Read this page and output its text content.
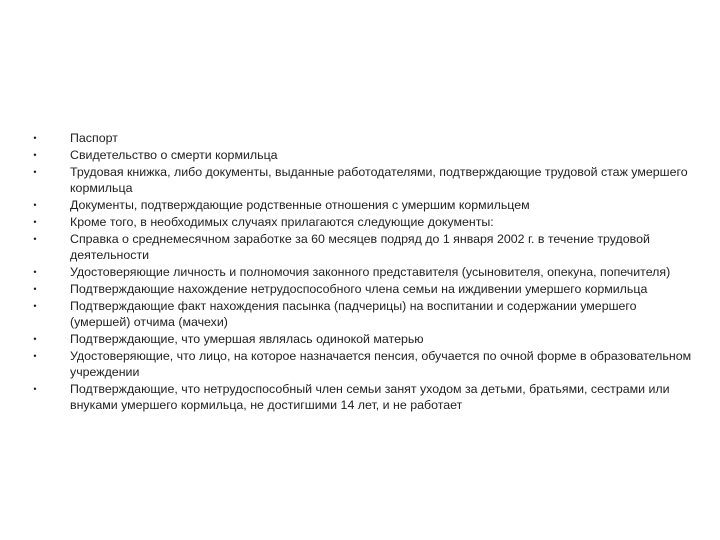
•	Паспорт
•	Свидетельство о смерти кормильца
•	Трудовая книжка, либо документы, выданные работодателями, подтверждающие трудовой стаж умершего кормильца
•	Документы, подтверждающие родственные отношения с умершим кормильцем
•	Кроме того, в необходимых случаях прилагаются следующие документы:
•	Справка о среднемесячном заработке за 60 месяцев подряд до 1 января 2002 г. в течение трудовой деятельности
•	Удостоверяющие личность и полномочия законного представителя (усыновителя, опекуна, попечителя)
•	Подтверждающие нахождение нетрудоспособного члена семьи на иждивении умершего кормильца
•	Подтверждающие факт нахождения пасынка (падчерицы) на воспитании и содержании умершего (умершей) отчима (мачехи)
•	Подтверждающие, что умершая являлась одинокой матерью
•	Удостоверяющие, что лицо, на которое назначается пенсия, обучается по очной форме в образовательном учреждении
•	Подтверждающие, что нетрудоспособный член семьи занят уходом за детьми, братьями, сестрами или внуками умершего кормильца, не достигшими 14 лет, и не работает
